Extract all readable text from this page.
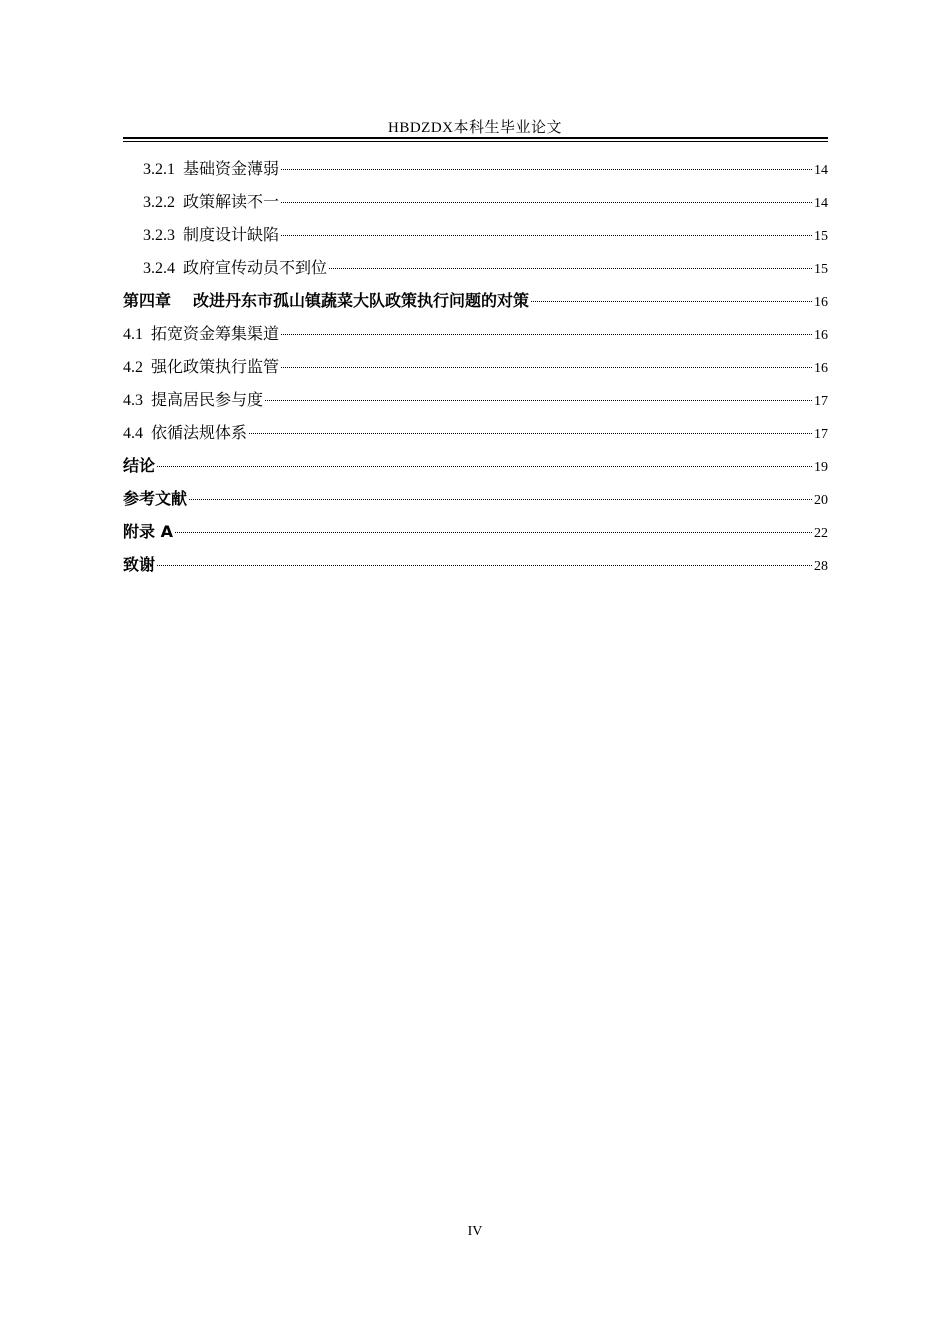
HBDZDX本科生毕业论文
3.2.1 基础资金薄弱	14
3.2.2 政策解读不一	14
3.2.3 制度设计缺陷	15
3.2.4 政府宣传动员不到位	15
第四章 改进丹东市孤山镇蔬菜大队政策执行问题的对策	16
4.1 拓宽资金筹集渠道	16
4.2 强化政策执行监管	16
4.3 提高居民参与度	17
4.4 依循法规体系	17
结论	19
参考文献	20
附录 A	22
致谢	28
IV
